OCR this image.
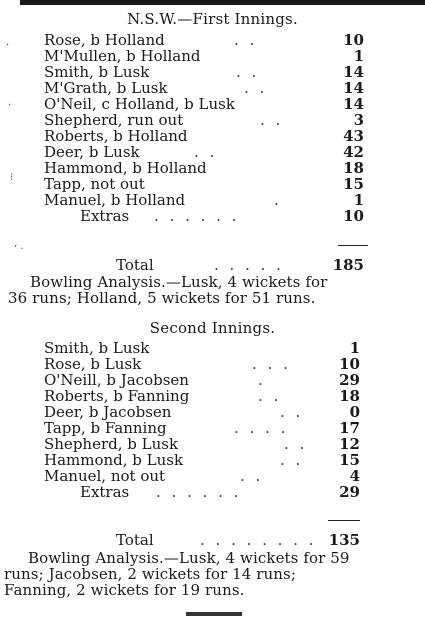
N.S.W.—First Innings.
Rose, b Holland	. .	10
M'Mullen, b Holland	1
Smith, b Lusk	. .	14
M'Grath, b Lusk	. .	14
O'Neil, c Holland, b Lusk	14
Shepherd, run out	. .	3
Roberts, b Holland	43
Deer, b Lusk	. .	42
Hammond, b Holland	18
Tapp, not out	15
Manuel, b Holland	.	1
Extras . . . . . .	10
Total	. . . . .	185
Bowling Analysis.—Lusk, 4 wickets for
36 runs; Holland, 5 wickets for 51 runs.
Second Innings.
Smith, b Lusk	1
Rose, b Lusk	. . .	10
O'Neill, b Jacobsen	.	29
Roberts, b Fanning	. .	18
Deer, b Jacobsen	. .	0
Tapp, b Fanning	. . . .	17
Shepherd, b Lusk	. . 12
Hammond, b Lusk	. . 15
Manuel, not out	. .	4
Extras . . . . . .	29
Total	. . . . . . . . 135
Bowling Analysis.—Lusk, 4 wickets for 59
runs; Jacobsen, 2 wickets for 14 runs;
Fanning, 2 wickets for 19 runs.
·
·
⁝
‘ ·
